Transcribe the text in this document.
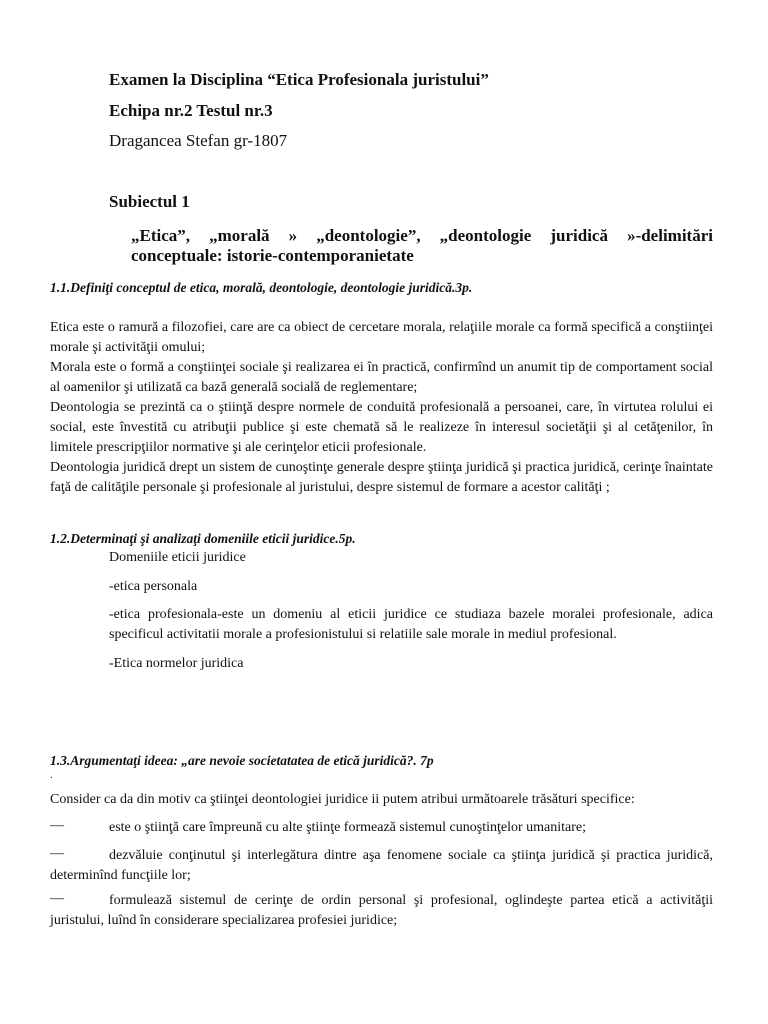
Examen la Disciplina “Etica Profesionala juristului”
Echipa nr.2 Testul nr.3
Dragancea Stefan gr-1807
Subiectul 1
„Etica”, „morală » „deontologie”, „deontologie juridică »-delimitări
conceptuale: istorie-contemporanietate
1.1.Definiţi conceptul de etica, morală, deontologie, deontologie juridică.3p.
Etica este o ramură a filozofiei, care are ca obiect de cercetare morala, relaţiile morale ca formă specifică a conştiinţei morale şi activităţii omului;
Morala este o formă a conştiinţei sociale şi realizarea ei în practică, confirmînd un anumit tip de comportament social al oamenilor şi utilizată ca bază generală socială de reglementare;
Deontologia se prezintă ca o ştiinţă despre normele de conduită profesională a persoanei, care, în virtutea rolului ei social, este învestită cu atribuţii publice şi este chemată să le realizeze în interesul societăţii şi al cetăţenilor, în limitele prescripţiilor normative şi ale cerinţelor eticii profesionale.
Deontologia juridică drept un sistem de cunoştinţe generale despre ştiinţa juridică şi practica juridică, cerinţe înaintate faţă de calităţile personale şi profesionale al juristului, despre sistemul de formare a acestor calităţi ;
1.2.Determinaţi şi analizaţi domeniile eticii juridice.5p.
Domeniile eticii juridice
-etica personala
-etica profesionala-este un domeniu al eticii juridice ce studiaza bazele moralei profesionale, adica specificul activitatii morale a profesionistului si relatiile sale morale in mediul profesional.
-Etica normelor juridica
1.3.Argumentaţi ideea: „are nevoie societatatea de etică juridică?. 7p
.
Consider ca da din motiv ca ştiinţei deontologiei juridice ii putem atribui următoarele trăsături specifice:
—	este o ştiinţă care împreună cu alte ştiinţe formează sistemul cunoştinţelor umanitare;
—	dezvăluie conţinutul şi interlegătura dintre aşa fenomene sociale ca ştiinţa juridică şi practica juridică, determinînd funcţiile lor;
—	formulează sistemul de cerinţe de ordin personal şi profesional, oglindeşte partea etică a activităţii juristului, luînd în considerare specializarea profesiei juridice;
